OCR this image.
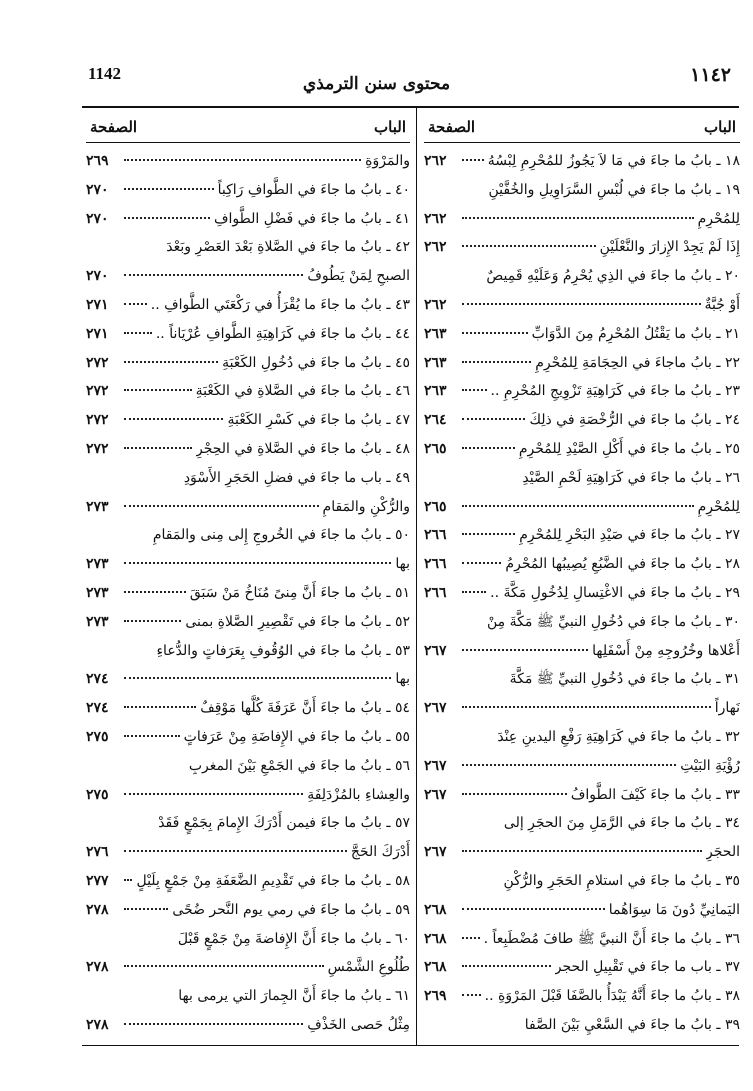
1142
محتوى سنن الترمذي	١١٤٢
الباب
الصفحة
١٨ ـ بابُ ما جاءَ في مَا لاَ يَجُوزُ للمُحْرِمِ لِبْسُهُ
٢٦٢
١٩ ـ بابُ ما جاءَ في لُبْسِ السَّرَاوِيلِ والخُفَّيْنِ
لِلمُحْرِمِ
٢٦٢
إِذَا لَمْ يَجِدْ الإِزارَ والنَّعْلَيْنِ
٢٦٢
٢٠ ـ بابُ ما جاءَ في الذِي يُحْرِمُ وَعَلَيْهِ قَمِيصٌ
أَوْ جُبَّةٌ
٢٦٢
٢١ ـ بابُ ما يَقْتُلُ المُحْرِمُ مِنَ الدَّوَابِّ
٢٦٣
٢٢ ـ بابُ ماجاءَ في الحِجَامَةِ لِلمُحْرِمِ
٢٦٣
٢٣ ـ بابُ ما جاءَ في كَرَاهِيَةِ تَزْوِيجِ المُحْرِمِ ..
٢٦٣
٢٤ ـ بابُ ما جاءَ في الرُّخْصَةِ في ذلِكَ
٢٦٤
٢٥ ـ بابُ ما جاءَ في أَكْلِ الصَّيْدِ لِلمُحْرِمِ
٢٦٥
٢٦ ـ بابُ ما جاءَ في كَرَاهِيَةِ لَحْمِ الصَّيْدِ
لِلمُحْرِمِ
٢٦٥
٢٧ ـ بابُ ما جاءَ في صَيْدِ البَحْرِ لِلمُحْرِمِ
٢٦٦
٢٨ ـ بابُ ما جاءَ في الضَّبُعِ يُصِيبُها المُحْرِمُ
٢٦٦
٢٩ ـ بابُ ما جاءَ في الاغْتِسالِ لِدُخُولِ مَكَّةَ ..
٢٦٦
٣٠ ـ بابُ ما جاءَ في دُخُولِ النبيِّ ﷺ مَكَّةَ مِنْ
أَعْلاها وخُرُوجِهِ مِنْ أَسْفَلِها
٢٦٧
٣١ ـ بابُ ما جاءَ في دُخُولِ النبيِّ ﷺ مَكَّةَ
نَهاراً
٢٦٧
٣٢ ـ بابُ ما جاءَ في كَرَاهِيَةِ رَفْعِ اليدينِ عِنْدَ
رُؤْيَةِ البَيْتِ
٢٦٧
٣٣ ـ بابُ ما جاءَ كَيْفَ الطَّوافُ
٢٦٧
٣٤ ـ بابُ ما جاءَ في الرَّمَلِ مِنَ الحجَرِ إلى
الحجَرِ
٢٦٧
٣٥ ـ بابُ ما جاءَ في استلامِ الحَجَرِ والرُّكْنِ
اليَمانِيِّ دُونَ مَا سِوَاهُما
٢٦٨
٣٦ ـ بابُ ما جاءَ أَنَّ النبيَّ ﷺ طافَ مُضْطَبِعاً .
٢٦٨
٣٧ ـ باب ما جاءَ في تَقْبِيلِ الحجر
٢٦٨
٣٨ ـ بابُ ما جاءَ أَنَّهُ يَبْدَأُ بالصَّفَا قَبْلَ المَرْوَةِ ..
٢٦٩
٣٩ ـ بابُ ما جاءَ في السَّعْيِ بَيْنَ الصَّفا
الباب
الصفحة
والمَرْوَةِ
٢٦٩
٤٠ ـ بابُ ما جاءَ في الطَّوافِ رَاكِباً
٢٧٠
٤١ ـ بابُ ما جاءَ في فَضْلِ الطَّوافِ
٢٧٠
٤٢ ـ بابُ ما جاءَ في الصَّلاةِ بَعْدَ العَصْرِ وبَعْدَ
الصبحِ لِمَنْ يَطُوفُ
٢٧٠
٤٣ ـ بابُ ما جاءَ ما يُقْرَأُ في رَكْعَتَي الطَّوافِ ..
٢٧١
٤٤ ـ بابُ ما جاءَ في كَرَاهِيَةِ الطَّوافِ عُرْيَاناً ..
٢٧١
٤٥ ـ بابُ ما جاءَ في دُخُولِ الكَعْبَةِ
٢٧٢
٤٦ ـ بابُ ما جاءَ في الصَّلاةِ في الكَعْبَةِ
٢٧٢
٤٧ ـ بابُ ما جاءَ في كَسْرِ الكَعْبَةِ
٢٧٢
٤٨ ـ بابُ ما جاءَ في الصَّلاةِ في الحِجْرِ
٢٧٢
٤٩ ـ باب ما جاءَ في فضلِ الحَجَرِ الأَسْوَدِ
والرُّكْنِ والمَقامِ
٢٧٣
٥٠ ـ بابُ ما جاءَ في الخُروجِ إِلى مِنى والمَقامِ
بها
٢٧٣
٥١ ـ بابُ ما جاءَ أَنَّ مِنىً مُنَاخُ مَنْ سَبَقَ
٢٧٣
٥٢ ـ بابُ ما جاءَ في تَقْصِيرِ الصَّلاةِ بمنى
٢٧٣
٥٣ ـ بابُ ما جاءَ في الوُقُوفِ بِعَرَفاتٍ والدُّعاءِ
بها
٢٧٤
٥٤ ـ بابُ ما جاءَ أَنَّ عَرَفَةَ كُلَّها مَوْقِفٌ
٢٧٤
٥٥ ـ بابُ ما جاءَ في الإِفاضَةِ مِنْ عَرَفاتٍ
٢٧٥
٥٦ ـ بابُ ما جاءَ في الجَمْعِ بَيْنَ المغربِ
والعِشاءِ بالمُزْدَلِفَةِ
٢٧٥
٥٧ ـ بابُ ما جاءَ فيمن أَدْرَكَ الإِمامَ بِجَمْعٍ فَقَدْ
أَدْرَكَ الحَجَّ
٢٧٦
٥٨ ـ بابُ ما جاءَ في تَقْدِيمِ الضَّعَفَةِ مِنْ جَمْعٍ بِلَيْلٍ
٢٧٧
٥٩ ـ بابُ ما جاءَ في رمي يوم النَّحر ضُحًى
٢٧٨
٦٠ ـ بابُ ما جاءَ أَنَّ الإِفاضةَ مِنْ جَمْعٍ قَبْلَ
طُلُوعِ الشَّمْسِ
٢٧٨
٦١ ـ بابُ ما جاءَ أَنَّ الجِمارَ التي يرمى بها
مِثْلُ حَصى الخَذْفِ
٢٧٨
